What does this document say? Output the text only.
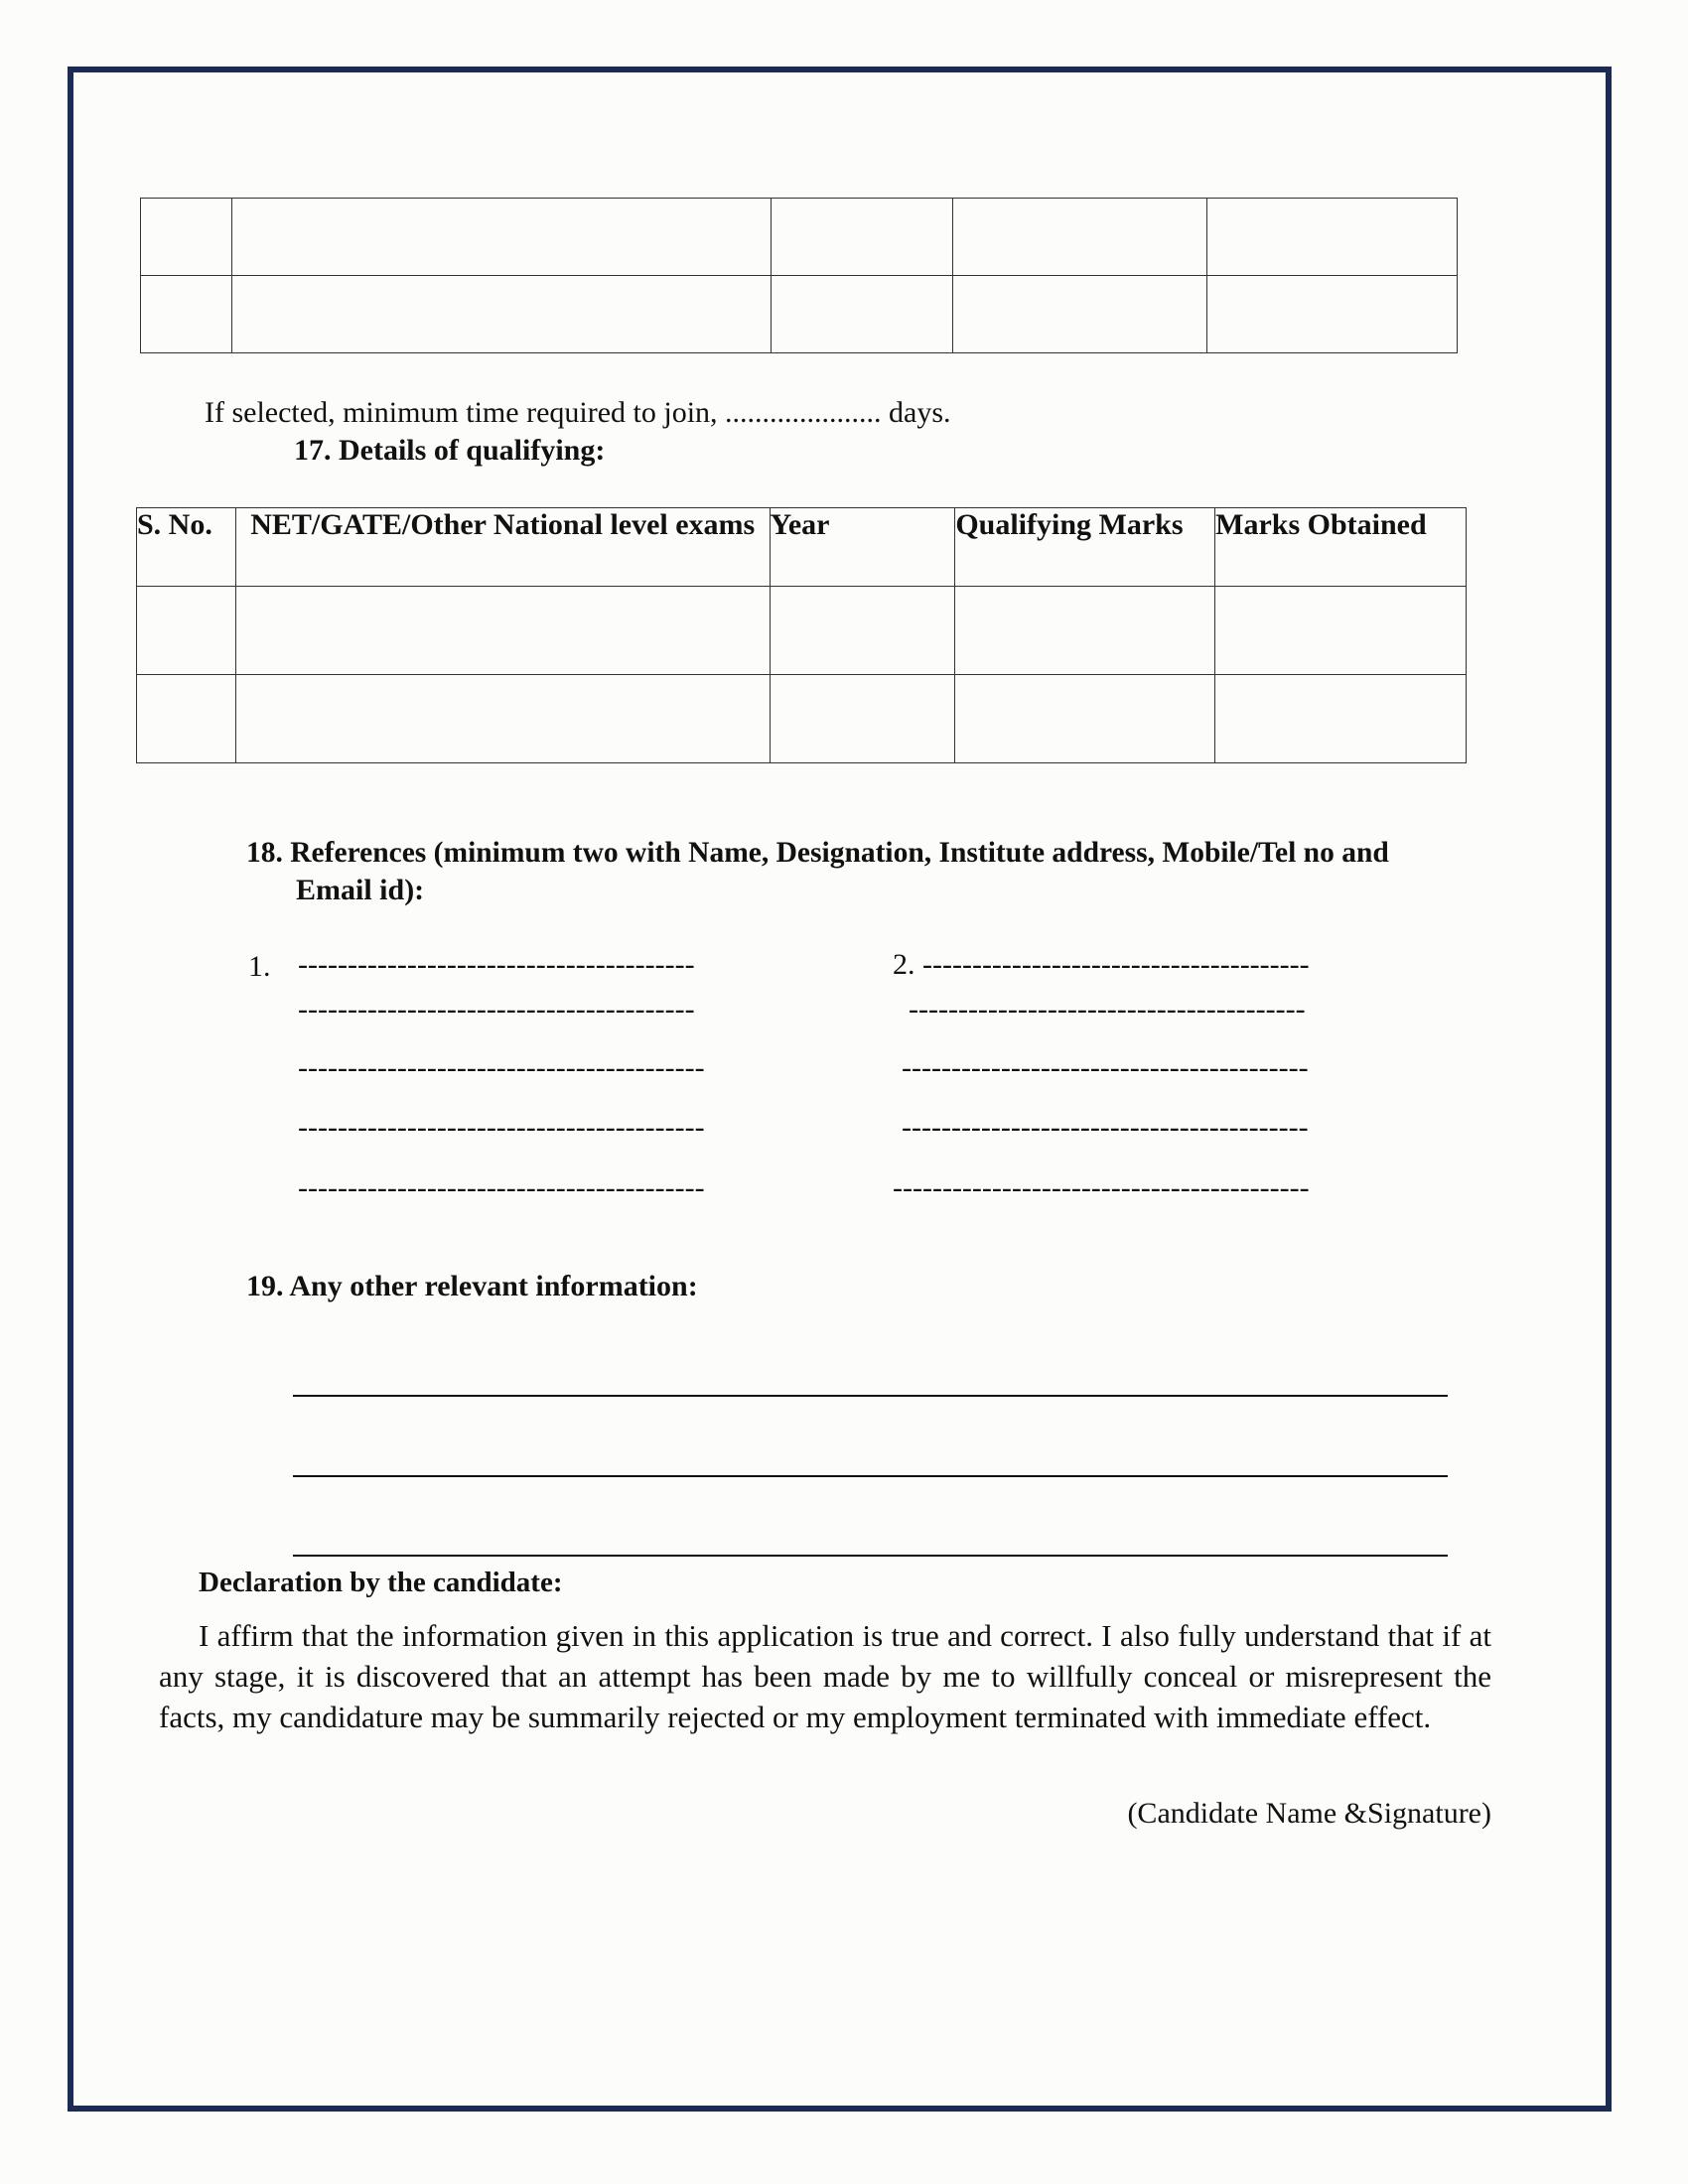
If selected, minimum time required to join, ..................... days.
17. Details of qualifying:
S. No.	NET/GATE/Other National level exams	Year	Qualifying Marks	Marks Obtained

18. References (minimum two with Name, Designation, Institute address, Mobile/Tel no and
Email id):
1. ----------------------------------------
----------------------------------------
-----------------------------------------
-----------------------------------------
-----------------------------------------
2. ---------------------------------------
----------------------------------------
-----------------------------------------
-----------------------------------------
------------------------------------------
19. Any other relevant information:
Declaration by the candidate:
I affirm that the information given in this application is true and correct. I also fully understand that if at any stage, it is discovered that an attempt has been made by me to willfully conceal or misrepresent the facts, my candidature may be summarily rejected or my employment terminated with immediate effect.
(Candidate Name &Signature)
